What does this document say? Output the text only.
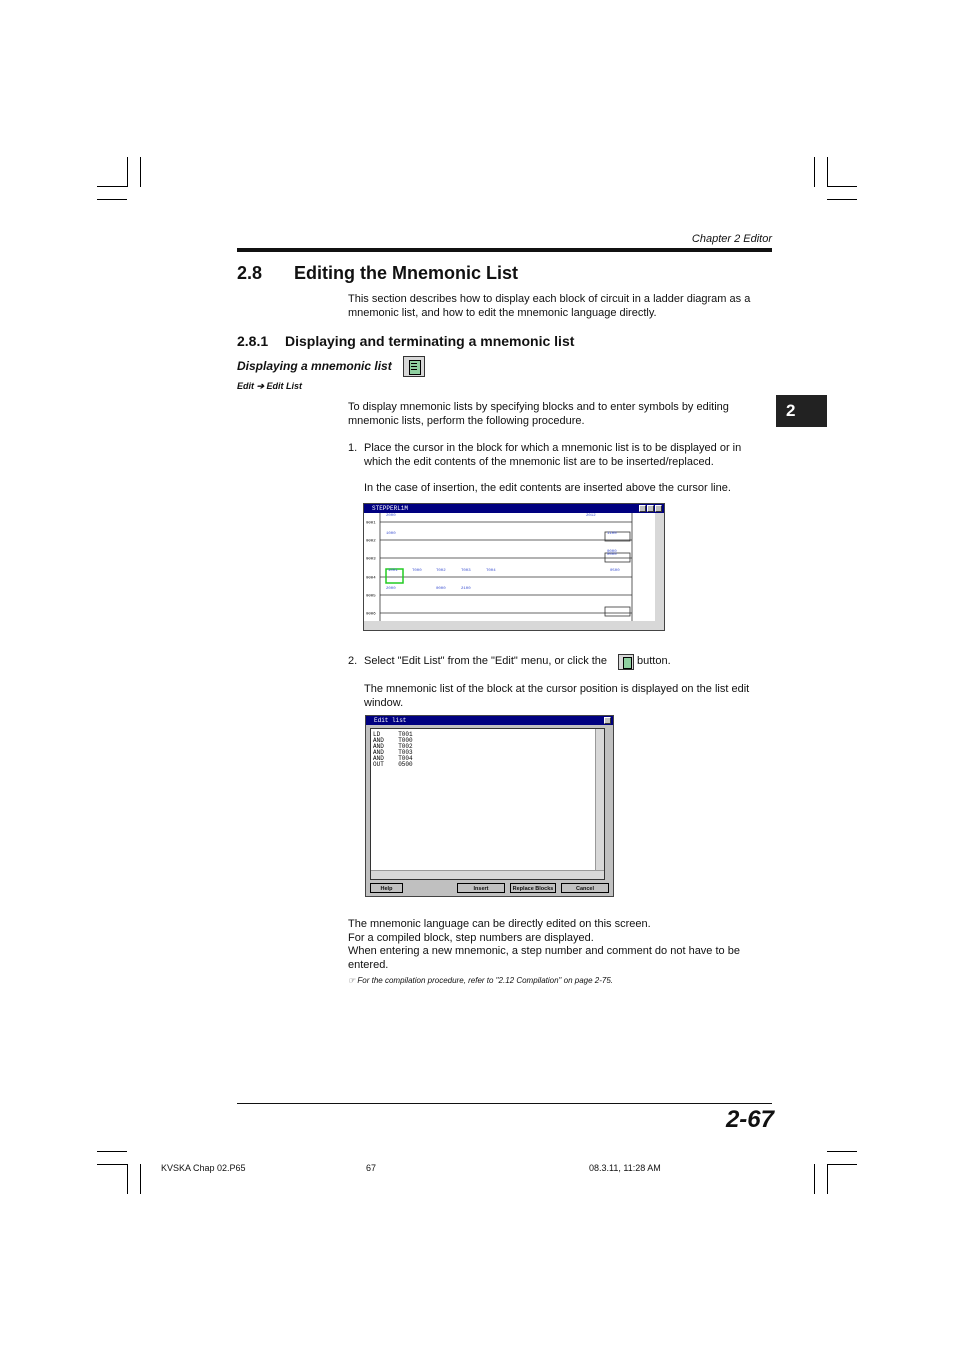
Chapter 2 Editor
2
2.8 Editing the Mnemonic List
This section describes how to display each block of circuit in a ladder diagram as a mnemonic list, and how to edit the mnemonic language directly.
2.8.1 Displaying and terminating a mnemonic list
Displaying a mnemonic list
Edit ➔ Edit List
To display mnemonic lists by specifying blocks and to enter symbols by editing mnemonic lists, perform the following procedure.
1. Place the cursor in the block for which a mnemonic list is to be displayed or in which the edit contents of the mnemonic list are to be inserted/replaced.
In the case of insertion, the edit contents are inserted above the cursor line.
STEPPERL1M
0001
0002
0003
0004
0005
0006
2000	2012
1000	1100
0000
0000
1001	T000	T002	T003	T004	0500
2000	0000	2100
2. Select "Edit List" from the "Edit" menu, or click the	button.
The mnemonic list of the block at the cursor position is displayed on the list edit window.
Edit list
LD     T001
AND    T000
AND    T002
AND    T003
AND    T004
OUT    0500
Help	Insert	Replace Blocks	Cancel
The mnemonic language can be directly edited on this screen.
For a compiled block, step numbers are displayed.
When entering a new mnemonic, a step number and comment do not have to be entered.
☞ For the compilation procedure, refer to "2.12 Compilation" on page 2-75.
2-67
KVSKA Chap 02.P65	67	08.3.11, 11:28 AM
